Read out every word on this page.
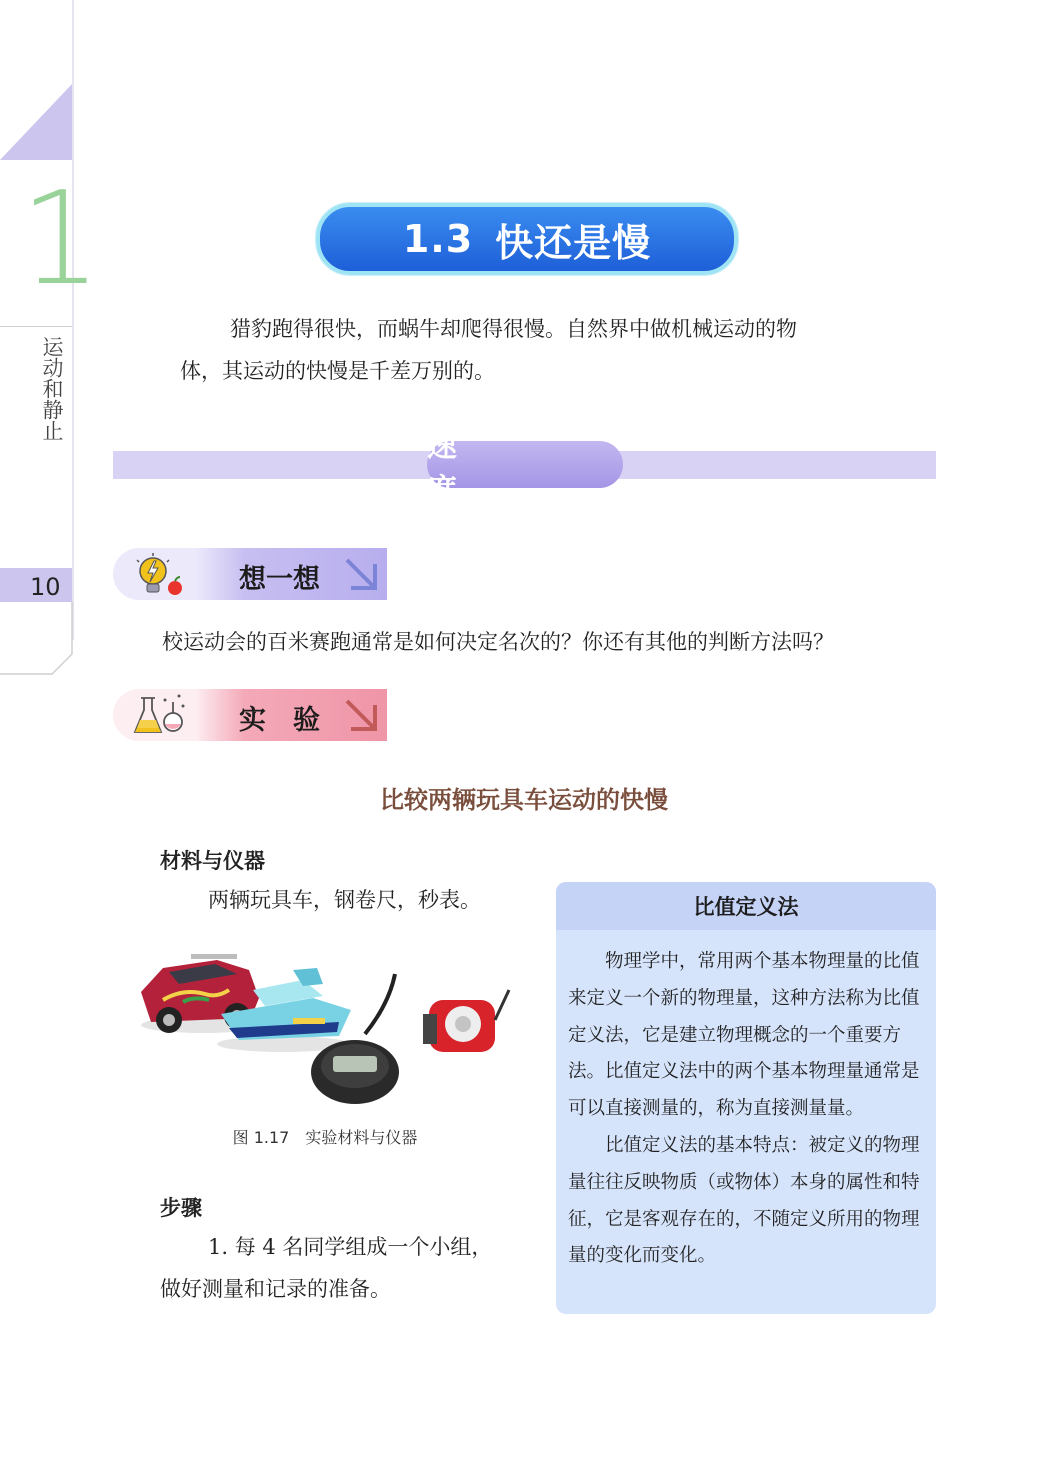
1
运动和静止
10
1.3 快还是慢
猎豹跑得很快，而蜗牛却爬得很慢。自然界中做机械运动的物
体，其运动的快慢是千差万别的。
速　度
想一想
校运动会的百米赛跑通常是如何决定名次的？你还有其他的判断方法吗？
实　验
比较两辆玩具车运动的快慢
材料与仪器
两辆玩具车，钢卷尺，秒表。
图 1.17　实验材料与仪器
步骤
1. 每 4 名同学组成一个小组，
做好测量和记录的准备。
比值定义法

物理学中，常用两个基本物理量的比值来定义一个新的物理量，这种方法称为比值定义法，它是建立物理概念的一个重要方法。比值定义法中的两个基本物理量通常是可以直接测量的，称为直接测量量。

比值定义法的基本特点：被定义的物理量往往反映物质（或物体）本身的属性和特征，它是客观存在的，不随定义所用的物理量的变化而变化。
